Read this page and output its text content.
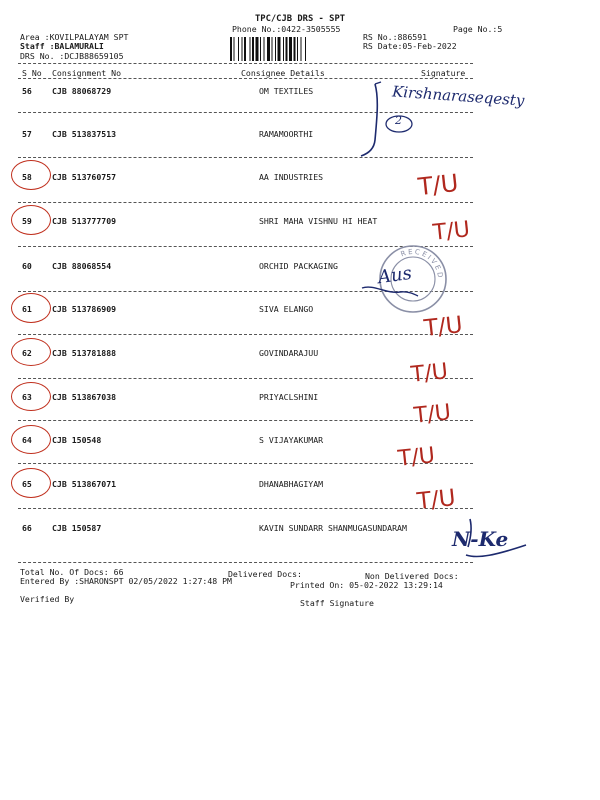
TPC/CJB DRS - SPT
Phone No.:0422-3505555	Page No.:5
Area :KOVILPALAYAM SPT
Staff :BALAMURALI
DRS No. :DCJB88659105
RS No.:886591
RS Date:05-Feb-2022
S No Consignment No	Consignee Details	Signature
56 CJB 88068729	OM TEXTILES
57 CJB 513837513	RAMAMOORTHI
58 CJB 513760757	AA INDUSTRIES
59 CJB 513777709	SHRI MAHA VISHNU HI HEAT
60 CJB 88068554	ORCHID PACKAGING
61 CJB 513786909	SIVA ELANGO
62 CJB 513781888	GOVINDARAJUU
63 CJB 513867038	PRIYACLSHINI
64 CJB 150548	S VIJAYAKUMAR
65 CJB 513867071	DHANABHAGIYAM
66 CJB 150587	KAVIN SUNDARR SHANMUGASUNDARAM
Kirshnaraseqesty
2
T/U
T/U
T/U
T/U
T/U
T/U
T/U
RECEIVED
Aus
N-Ke
Total No. Of Docs: 66	Delivered Docs:	Non Delivered Docs:
Entered By :SHARONSPT 02/05/2022 1:27:48 PM	Printed On: 05-02-2022 13:29:14
Verified By	Staff Signature
